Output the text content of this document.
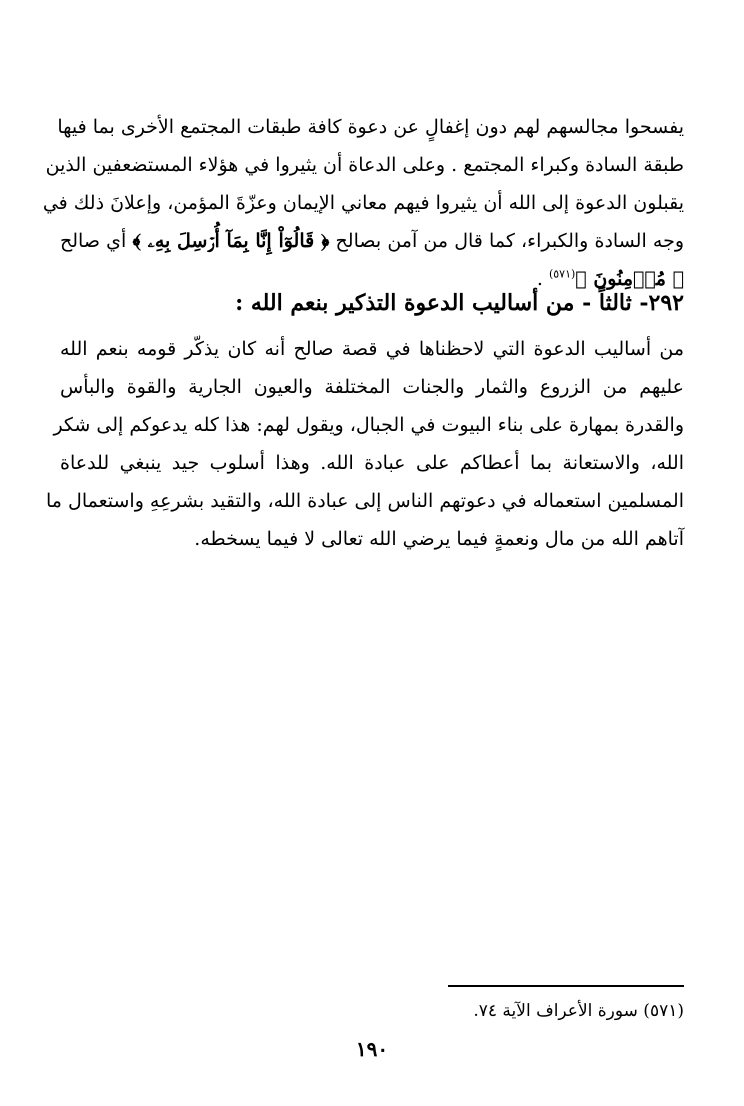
يفسحوا مجالسهم لهم دون إغفالٍ عن دعوة كافة طبقات المجتمع الأخرى بما فيها
طبقة السادة وكبراء المجتمع . وعلى الدعاة أن يثيروا في هؤلاء المستضعفين الذين
يقبلون الدعوة إلى الله أن يثيروا فيهم معاني الإيمان وعزّةَ المؤمن، وإعلانَ ذلك في
وجه السادة والكبراء، كما قال من آمن بصالح ﴿ قَالُوٓاْ إِنَّا بِمَآ أُرۡسِلَ بِهِۦ ﴾ أي صالح
﴿ مُؤۡمِنُونَ ﴾$^{(٥٧١)}$ .
٢٩٢- ثالثاً - من أساليب الدعوة التذكير بنعم الله :
من أساليب الدعوة التي لاحظناها في قصة صالح أنه كان يذكّر قومه بنعم الله
عليهم من الزروع والثمار والجنات المختلفة والعيون الجارية والقوة والبأس
والقدرة بمهارة على بناء البيوت في الجبال، ويقول لهم: هذا كله يدعوكم إلى شكر
الله، والاستعانة بما أعطاكم على عبادة الله. وهذا أسلوب جيد ينبغي للدعاة
المسلمين استعماله في دعوتهم الناس إلى عبادة الله، والتقيد بشرعِهِ واستعمال ما
آتاهم الله من مال ونعمةٍ فيما يرضي الله تعالى لا فيما يسخطه.
(٥٧١) سورة الأعراف الآية ٧٤.
١٩٠
